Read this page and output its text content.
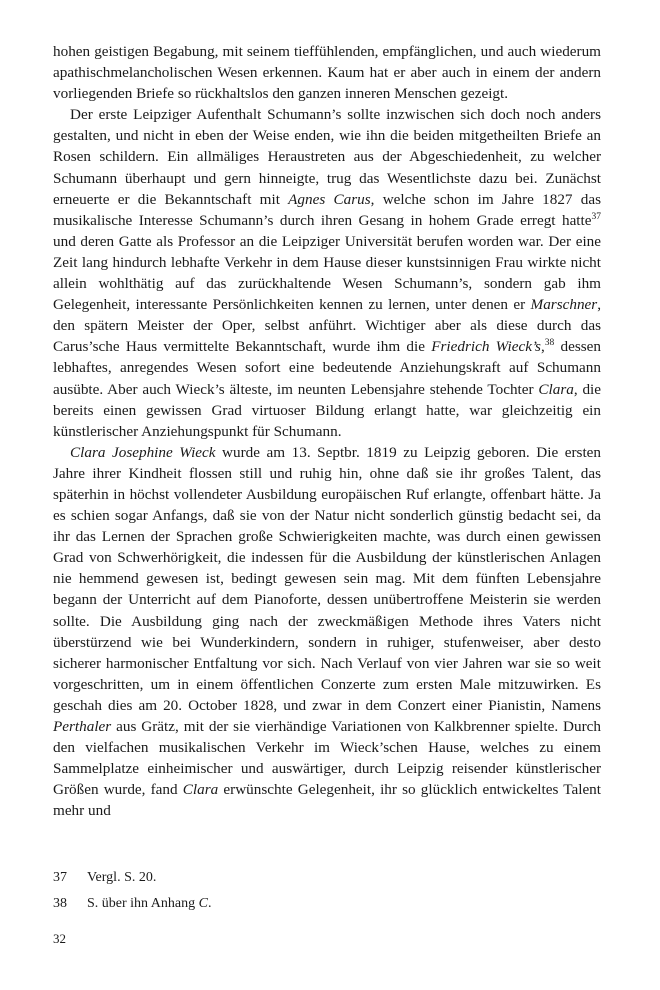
hohen geistigen Begabung, mit seinem tieffühlenden, empfänglichen, und auch wiederum apathischmelancholischen Wesen erkennen. Kaum hat er aber auch in einem der andern vorliegenden Briefe so rückhaltslos den ganzen inneren Menschen gezeigt.

Der erste Leipziger Aufenthalt Schumann’s sollte inzwischen sich doch noch anders gestalten, und nicht in eben der Weise enden, wie ihn die beiden mitgetheilten Briefe an Rosen schildern. Ein allmäliges Heraustreten aus der Abgeschiedenheit, zu welcher Schumann überhaupt und gern hinneigte, trug das Wesentlichste dazu bei. Zunächst erneuerte er die Bekanntschaft mit Agnes Carus, welche schon im Jahre 1827 das musikalische Interesse Schumann’s durch ihren Gesang in hohem Grade erregt hatte$^{37}$ und deren Gatte als Professor an die Leipziger Universität berufen worden war. Der eine Zeit lang hindurch lebhafte Verkehr in dem Hause dieser kunstsinnigen Frau wirkte nicht allein wohlthätig auf das zurückhaltende Wesen Schumann’s, sondern gab ihm Gelegenheit, interessante Persönlichkeiten kennen zu lernen, unter denen er Marschner, den spätern Meister der Oper, selbst anführt. Wichtiger aber als diese durch das Carus’sche Haus vermittelte Bekanntschaft, wurde ihm die Friedrich Wieck’s,$^{38}$ dessen lebhaftes, anregendes Wesen sofort eine bedeutende Anziehungskraft auf Schumann ausübte. Aber auch Wieck’s älteste, im neunten Lebensjahre stehende Tochter Clara, die bereits einen gewissen Grad virtuoser Bildung erlangt hatte, war gleichzeitig ein künstlerischer Anziehungspunkt für Schumann.

Clara Josephine Wieck wurde am 13. Septbr. 1819 zu Leipzig geboren. Die ersten Jahre ihrer Kindheit flossen still und ruhig hin, ohne daß sie ihr großes Talent, das späterhin in höchst vollendeter Ausbildung europäischen Ruf erlangte, offenbart hätte. Ja es schien sogar Anfangs, daß sie von der Natur nicht sonderlich günstig bedacht sei, da ihr das Lernen der Sprachen große Schwierigkeiten machte, was durch einen gewissen Grad von Schwerhörigkeit, die indessen für die Ausbildung der künstlerischen Anlagen nie hemmend gewesen ist, bedingt gewesen sein mag. Mit dem fünften Lebensjahre begann der Unterricht auf dem Pianoforte, dessen unübertroffene Meisterin sie werden sollte. Die Ausbildung ging nach der zweckmäßigen Methode ihres Vaters nicht überstürzend wie bei Wunderkindern, sondern in ruhiger, stufenweiser, aber desto sicherer harmonischer Entfaltung vor sich. Nach Verlauf von vier Jahren war sie so weit vorgeschritten, um in einem öffentlichen Conzerte zum ersten Male mitzuwirken. Es geschah dies am 20. October 1828, und zwar in dem Conzert einer Pianistin, Namens Perthaler aus Grätz, mit der sie vierhändige Variationen von Kalkbrenner spielte. Durch den vielfachen musikalischen Verkehr im Wieck’schen Hause, welches zu einem Sammelplatze einheimischer und auswärtiger, durch Leipzig reisender künstlerischer Größen wurde, fand Clara erwünschte Gelegenheit, ihr so glücklich entwickeltes Talent mehr und

37 Vergl. S. 20.
38 S. über ihn Anhang C.
32
